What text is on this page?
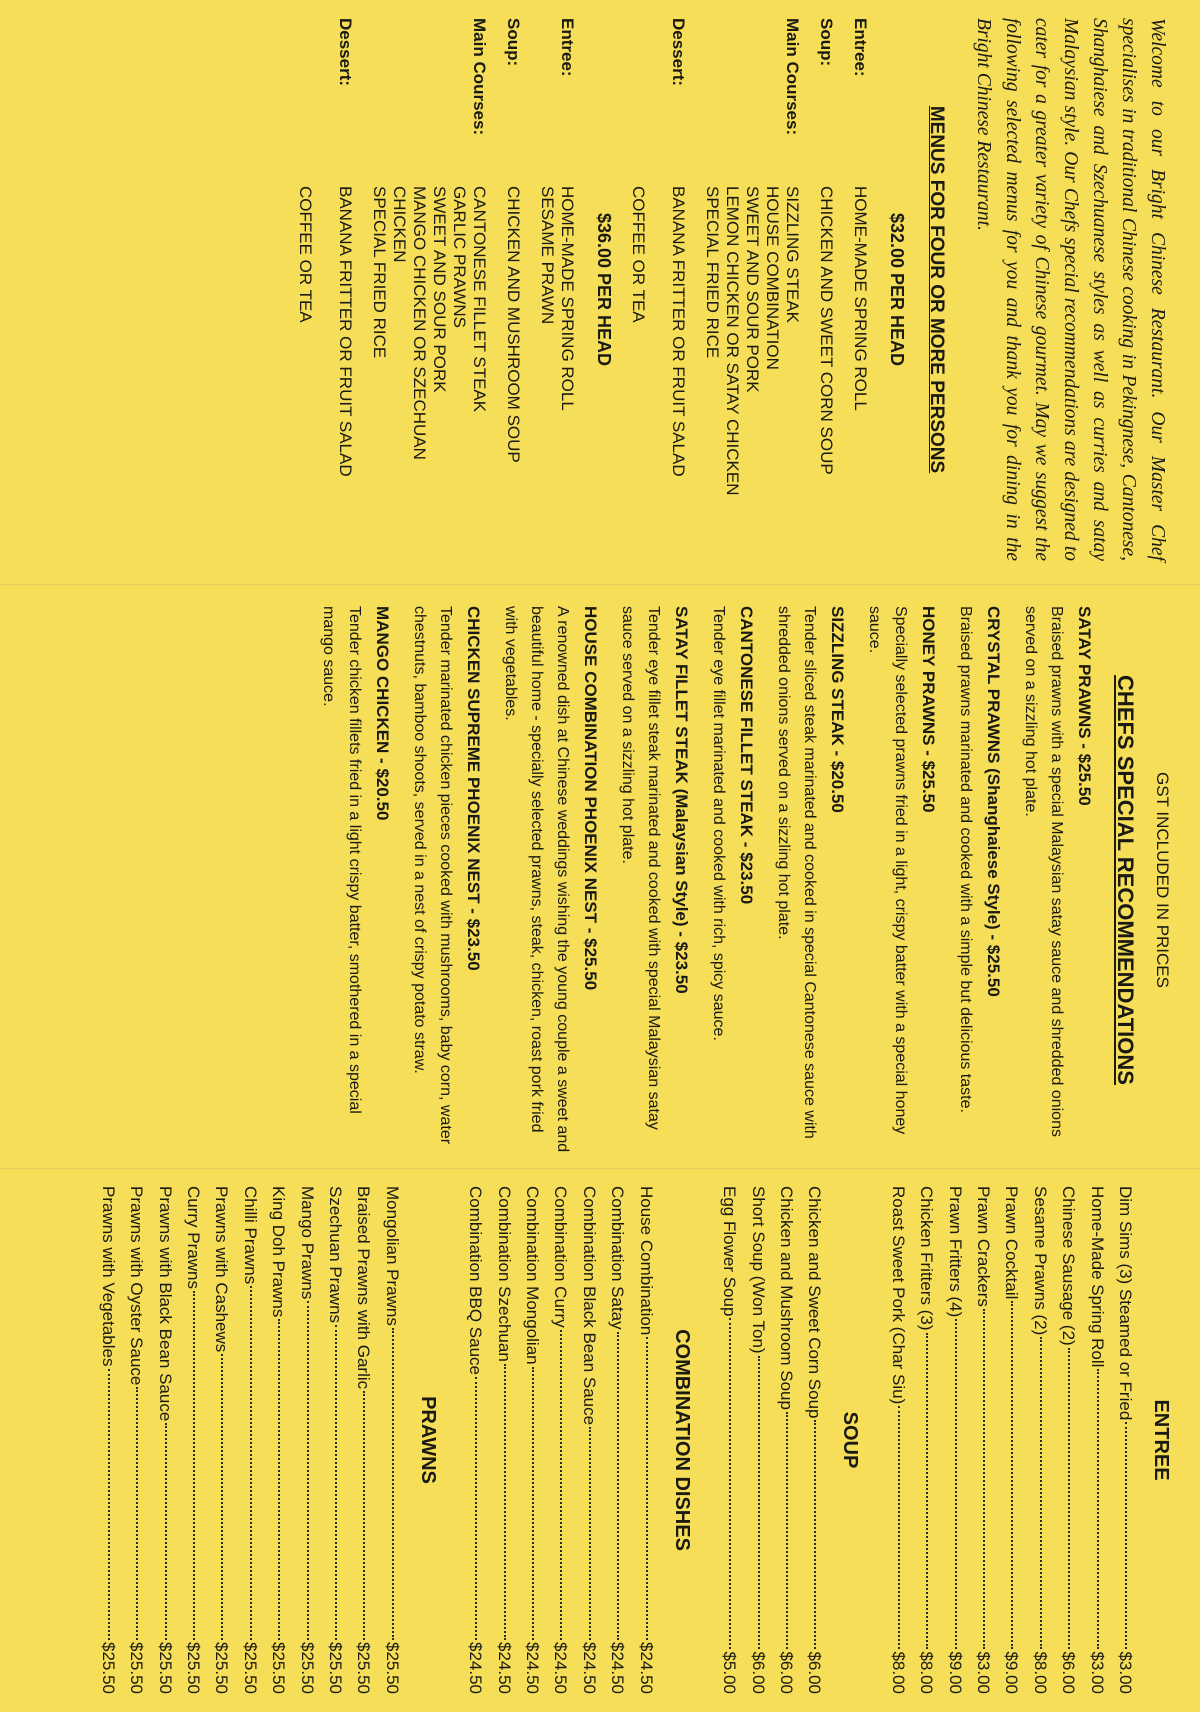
Welcome to our Bright Chinese Restaurant. Our Master Chef specialises in traditional Chinese cooking in Pekingnese, Cantonese, Shanghaiese and Szechuanese styles as well as curries and satay Malaysian style. Our Chefs special recommendations are designed to cater for a greater variety of Chinese gourmet. May we suggest the following selected menus for you and thank you for dining in the Bright Chinese Restaurant.

MENUS FOR FOUR OR MORE PERSONS
$32.00 PER HEAD
Entree:
HOME-MADE SPRING ROLL
Soup:
CHICKEN AND SWEET CORN SOUP
Main Courses:
SIZZLING STEAK
HOUSE COMBINATION
SWEET AND SOUR PORK
LEMON CHICKEN OR SATAY CHICKEN
SPECIAL FRIED RICE
Dessert:
BANANA FRITTER OR FRUIT SALAD

COFFEE OR TEA
$36.00 PER HEAD
Entree:
HOME-MADE SPRING ROLL
SESAME PRAWN
Soup:
CHICKEN AND MUSHROOM SOUP
Main Courses:
CANTONESE FILLET STEAK
GARLIC PRAWNS
SWEET AND SOUR PORK
MANGO CHICKEN OR SZECHUAN
CHICKEN
SPECIAL FRIED RICE
Dessert:
BANANA FRITTER OR FRUIT SALAD

COFFEE OR TEA
GST INCLUDED IN PRICES
CHEFS SPECIAL RECOMMENDATIONS
SATAY PRAWNS - $25.50
Braised prawns with a special Malaysian satay sauce and shredded onions served on a sizzling hot plate.
CRYSTAL PRAWNS (Shanghaiese Style) - $25.50
Braised prawns marinated and cooked with a simple but delicious taste.
HONEY PRAWNS - $25.50
Specially selected prawns fried in a light, crispy batter with a special honey sauce.
SIZZLING STEAK - $20.50
Tender sliced steak marinated and cooked in special Cantonese sauce with shredded onions served on a sizzling hot plate.
CANTONESE FILLET STEAK - $23.50
Tender eye fillet marinated and cooked with rich, spicy sauce.
SATAY FILLET STEAK (Malaysian Style) - $23.50
Tender eye fillet steak marinated and cooked with special Malaysian satay sauce served on a sizzling hot plate.
HOUSE COMBINATION PHOENIX NEST - $25.50
A renowned dish at Chinese weddings wishing the young couple a sweet and beautiful home - specially selected prawns, steak, chicken, roast pork fried with vegetables.
CHICKEN SUPREME PHOENIX NEST - $23.50
Tender marinated chicken pieces cooked with mushrooms, baby corn, water chestnuts, bamboo shoots, served in a nest of crispy potato straw.
MANGO CHICKEN - $20.50
Tender chicken fillets fried in a light crispy batter, smothered in a special mango sauce.
ENTREE
Dim Sims (3) Steamed or Fried
$3.00
Home-Made Spring Roll
$3.00
Chinese Sausage (2)
$6.00
Sesame Prawns (2)
$8.00
Prawn Cocktail
$9.00
Prawn Crackers
$3.00
Prawn Fritters (4)
$9.00
Chicken Fritters (3)
$8.00
Roast Sweet Pork (Char Siu)
$8.00
SOUP
Chicken and Sweet Corn Soup
$6.00
Chicken and Mushroom Soup
$6.00
Short Soup (Won Ton)
$6.00
Egg Flower Soup
$5.00
COMBINATION DISHES
House Combination
$24.50
Combination Satay
$24.50
Combination Black Bean Sauce
$24.50
Combination Curry
$24.50
Combination Mongolian
$24.50
Combination Szechuan
$24.50
Combination BBQ Sauce
$24.50
PRAWNS
Mongolian Prawns
$25.50
Braised Prawns with Garlic
$25.50
Szechuan Prawns
$25.50
Mango Prawns
$25.50
King Doh Prawns
$25.50
Chilli Prawns
$25.50
Prawns with Cashews
$25.50
Curry Prawns
$25.50
Prawns with Black Bean Sauce
$25.50
Prawns with Oyster Sauce
$25.50
Prawns with Vegetables
$25.50
